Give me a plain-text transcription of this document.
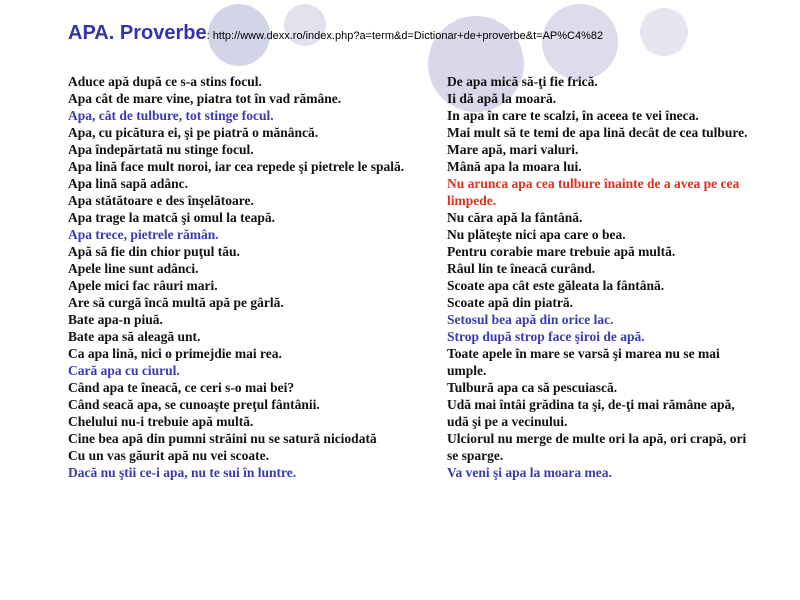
APA. Proverbe: http://www.dexx.ro/index.php?a=term&d=Dictionar+de+proverbe&t=AP%C4%82
Aduce apă după ce s-a stins focul.
Apa cât de mare vine, piatra tot în vad rămâne.
Apa, cât de tulbure, tot stinge focul.
Apa, cu picătura ei, şi pe piatră o mănâncă.
Apa îndepărtată nu stinge focul.
Apa lină face mult noroi, iar cea repede şi pietrele le spală.
Apa lină sapă adânc.
Apa stătătoare e des înşelătoare.
Apa trage la matcă şi omul la teapă.
Apa trece, pietrele rămân.
Apă să fie din chior puţul tău.
Apele line sunt adânci.
Apele mici fac râuri mari.
Are să curgă încă multă apă pe gârlă.
Bate apa-n piuă.
Bate apa să aleagă unt.
Ca apa lină, nici o primejdie mai rea.
Cară apa cu ciurul.
Când apa te îneacă, ce ceri s-o mai bei?
Când seacă apa, se cunoaşte preţul fântânii.
Chelului nu-i trebuie apă multă.
Cine bea apă din pumni străini nu se satură niciodată
Cu un vas găurit apă nu vei scoate.
Dacă nu ştii ce-i apa, nu te sui în luntre.
De apa mică să-ţi fie frică.
Ii dă apă la moară.
In apa în care te scalzi, în aceea te vei îneca.
Mai mult să te temi de apa lină decât de cea tulbure.
Mare apă, mari valuri.
Mână apa la moara lui.
Nu arunca apa cea tulbure înainte de a avea pe cea limpede.
Nu căra apă la fântână.
Nu plăteşte nici apa care o bea.
Pentru corabie mare trebuie apă multă.
Râul lin te îneacă curând.
Scoate apa cât este găleata la fântână.
Scoate apă din piatră.
Setosul bea apă din orice lac.
Strop după strop face şiroi de apă.
Toate apele în mare se varsă şi marea nu se mai umple.
Tulbură apa ca să pescuiască.
Udă mai întâi grădina ta şi, de-ţi mai rămâne apă, udă şi pe a vecinului.
Ulciorul nu merge de multe ori la apă, ori crapă, ori se sparge.
Va veni şi apa la moara mea.
